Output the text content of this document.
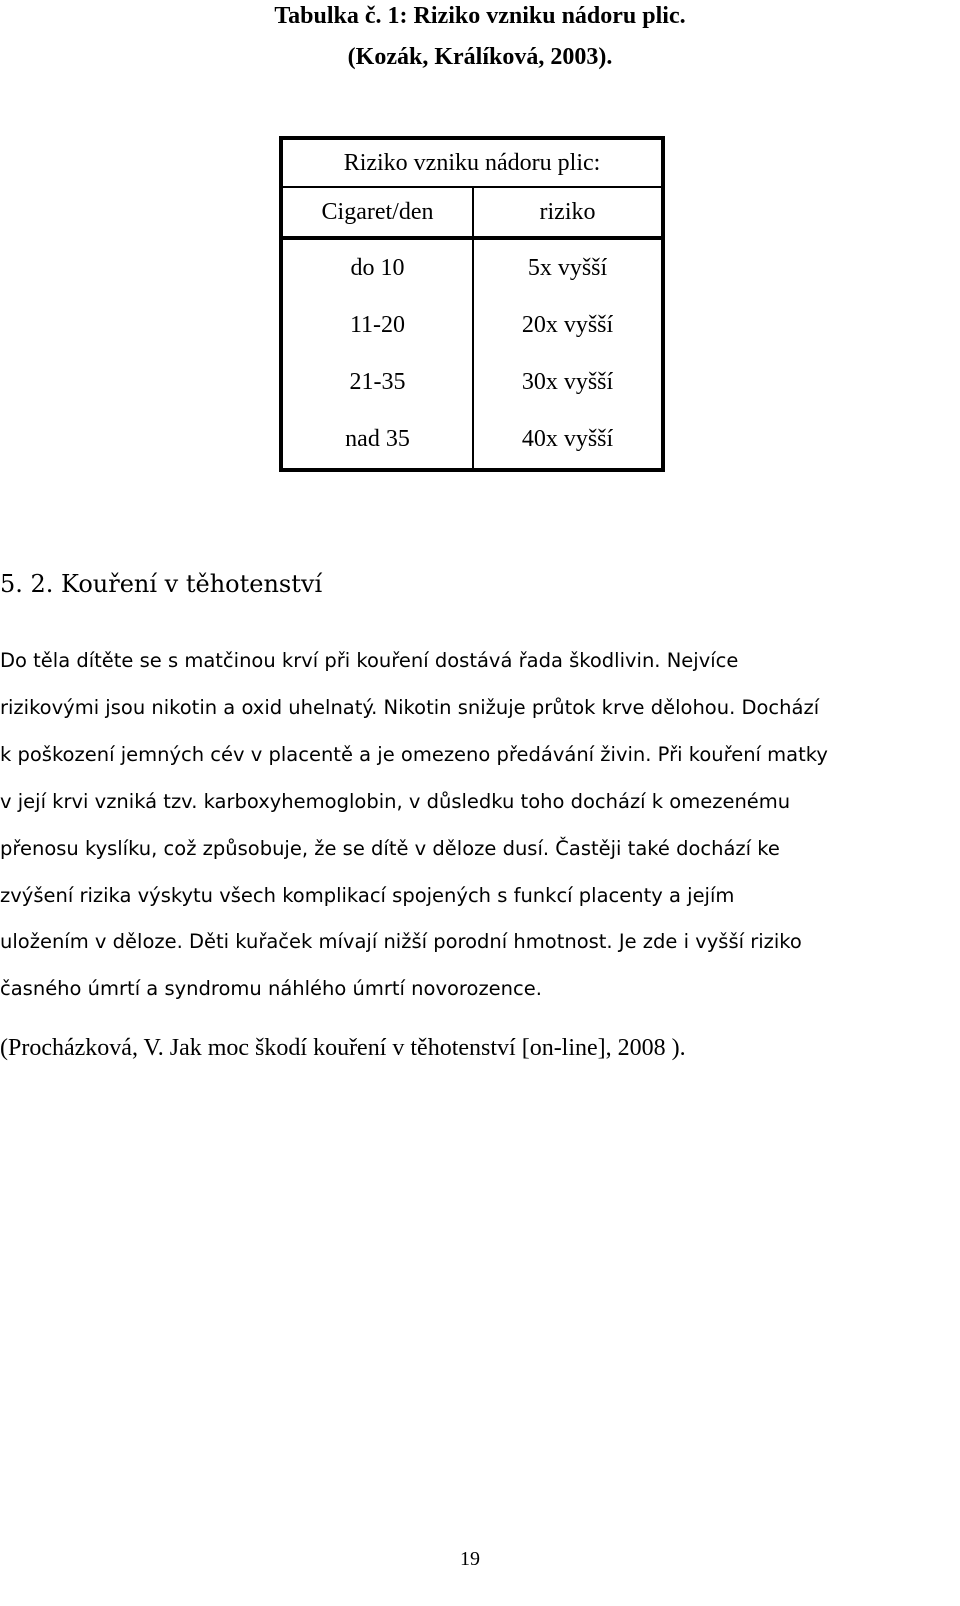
Tabulka č. 1: Riziko vzniku nádoru plic.

(Kozák, Králíková, 2003).

Riziko vzniku nádoru plic:
Cigaret/den	riziko
do 10	5x vyšší
11-20	20x vyšší
21-35	30x vyšší
nad 35	40x vyšší
5. 2. Kouření v těhotenství
Do těla dítěte se s matčinou krví při kouření dostává řada škodlivin. Nejvíce
rizikovými jsou nikotin a oxid uhelnatý. Nikotin snižuje průtok krve dělohou. Dochází
k poškození jemných cév v placentě a je omezeno předávání živin. Při kouření matky
v její krvi vzniká tzv. karboxyhemoglobin, v důsledku toho dochází k omezenému
přenosu kyslíku, což způsobuje, že se dítě v děloze dusí. Častěji také dochází ke
zvýšení rizika výskytu všech komplikací spojených s funkcí placenty a jejím
uložením v děloze. Děti kuřaček mívají nižší porodní hmotnost. Je zde i vyšší riziko
časného úmrtí a syndromu náhlého úmrtí novorozence.

(Procházková, V. Jak moc škodí kouření v těhotenství [on-line], 2008 ).

19
